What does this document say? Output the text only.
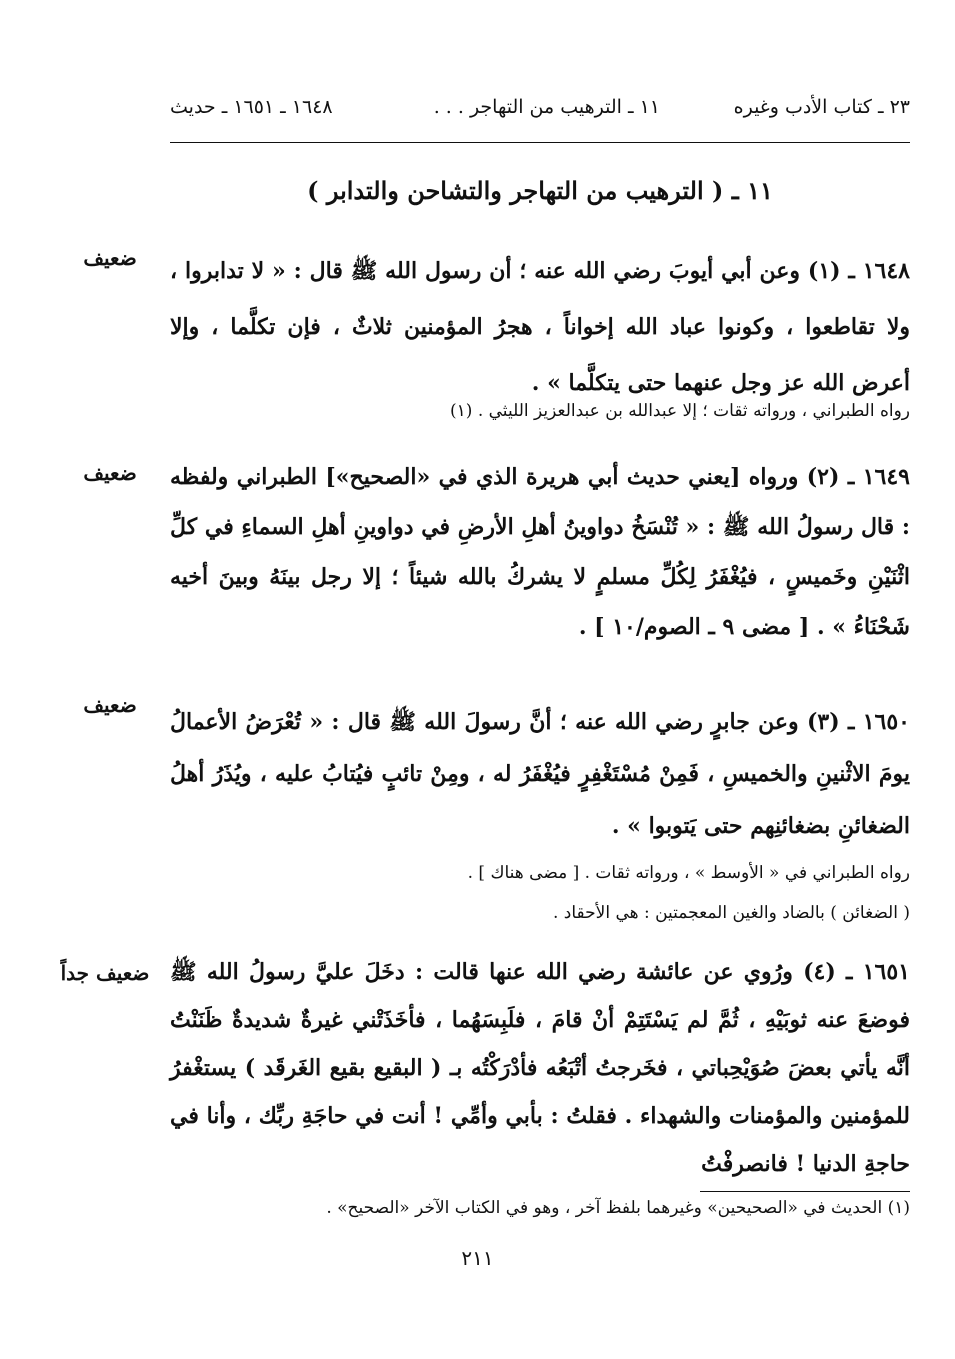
٢٣ ـ كتاب الأدب وغيره
١١ ـ الترهيب من التهاجر . . .
١٦٤٨ ـ ١٦٥١ ـ حديث
١١ ـ ( الترهيب من التهاجر والتشاحن والتدابر )
ضعيف	١٦٤٨ ـ (١) وعن أبي أيوبَ رضي الله عنه ؛ أن رسول الله ﷺ قال : « لا تدابروا ، ولا تقاطعوا ، وكونوا عباد الله إخواناً ، هجرُ المؤمنين ثلاثٌ ، فإن تكلَّما ، وإلا أعرض الله عز وجل عنهما حتى يتكلَّما » .
رواه الطبراني ، ورواته ثقات ؛ إلا عبدالله بن عبدالعزيز الليثي . (١)
ضعيف	١٦٤٩ ـ (٢) ورواه [يعني حديث أبي هريرة الذي في «الصحيح»] الطبراني ولفظه : قال رسولُ الله ﷺ : « تُنْسَخُ دواوينُ أهلِ الأرضِ في دواوينِ أهلِ السماءِ في كلِّ اثْنَيْنِ وخَميسٍ ، فيُغْفَرُ لِكُلِّ مسلمٍ لا يشركُ بالله شيئاً ؛ إلا رجل بينَهُ وبينَ أخيه شَحْنَاءُ » . [ مضى ٩ ـ الصوم/١٠ ] .
ضعيف
١٦٥٠ ـ (٣) وعن جابرٍ رضي الله عنه ؛ أنَّ رسولَ الله ﷺ قال : « تُعْرَضُ الأعمالُ يومَ الاثْنينِ والخميسِ ، فَمِنْ مُسْتَغْفِرٍ فيُغْفَرُ له ، ومِنْ تائبٍ فيُتابُ عليه ، ويُذَرُ أهلُ الضغائنِ بضغائنِهم حتى يَتوبوا » .
رواه الطبراني في « الأوسط » ، ورواته ثقات . [ مضى هناك ] .
( الضغائن ) بالضاد والغين المعجمتين : هي الأحقاد .
ضعيف جداً	١٦٥١ ـ (٤) ورُوي عن عائشة رضي الله عنها قالت : دخَلَ عليَّ رسولُ الله ﷺ فوضعَ عنه ثوبَيْهِ ، ثُمَّ لم يَسْتَتِمْ أنْ قامَ ، فلَبِسَهُما ، فأخَذَتْني غيرةٌ شديدةٌ ظَنَنْتُ أنَّه يأتي بعضَ صُوَيْحِباتي ، فخَرجتُ أتْبَعُه فأدْرَكْتُه بـ ( البقيع بقيع الغَرقَد ) يستغْفرُ للمؤمنين والمؤمنات والشهداء . فقلتُ : بأبي وأمِّي ! أنت في حاجَةِ ربِّك ، وأنا في حاجةِ الدنيا ! فانصرفْتُ
(١) الحديث في «الصحيحين» وغيرهما بلفظ آخر ، وهو في الكتاب الآخر «الصحيح» .
٢١١
